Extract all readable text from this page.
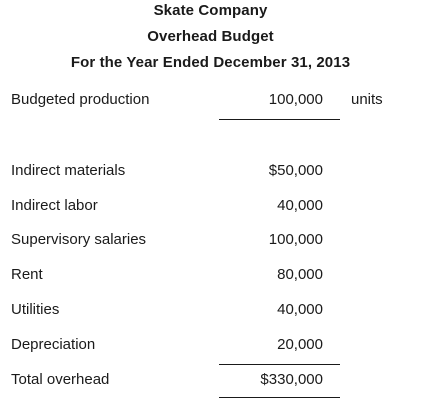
Skate Company
Overhead Budget
For the Year Ended December 31, 2013
Budgeted production	100,000 units
Indirect materials	$50,000
Indirect labor	40,000
Supervisory salaries	100,000
Rent	80,000
Utilities	40,000
Depreciation	20,000
Total overhead	$330,000
